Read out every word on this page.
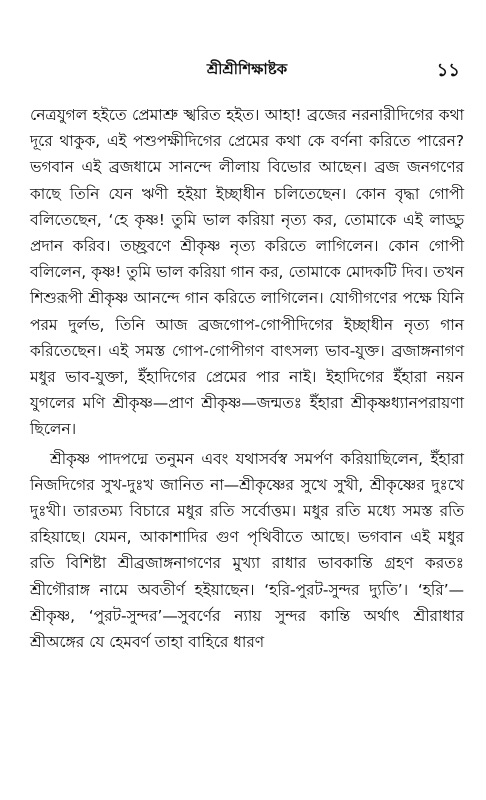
শ্রীশ্রীশিক্ষাষ্টক	১১

নেত্রযুগল হইতে প্রেমাশ্রু স্খরিত হইত। আহা! ব্রজের নরনারীদিগের কথা দূরে থাকুক, এই পশুপক্ষীদিগের প্রেমের কথা কে বর্ণনা করিতে পারেন? ভগবান এই ব্রজধামে সানন্দে লীলায় বিভোর আছেন। ব্রজ জনগণের কাছে তিনি যেন ঋণী হইয়া ইচ্ছাধীন চলিতেছেন। কোন বৃদ্ধা গোপী বলিতেছেন, ‘হে কৃষ্ণ! তুমি ভাল করিয়া নৃত্য কর, তোমাকে এই লাড্ডু প্রদান করিব। তচ্ছ্রবণে শ্রীকৃষ্ণ নৃত্য করিতে লাগিলেন। কোন গোপী বলিলেন, কৃষ্ণ! তুমি ভাল করিয়া গান কর, তোমাকে মোদকটি দিব। তখন শিশুরূপী শ্রীকৃষ্ণ আনন্দে গান করিতে লাগিলেন। যোগীগণের পক্ষে যিনি পরম দুর্লভ, তিনি আজ ব্রজগোপ-গোপীদিগের ইচ্ছাধীন নৃত্য গান করিতেছেন। এই সমস্ত গোপ-গোপীগণ বাৎসল্য ভাব-যুক্ত। ব্রজাঙ্গনাগণ মধুর ভাব-যুক্তা, ইঁহাদিগের প্রেমের পার নাই। ইহাদিগের ইঁহারা নয়ন যুগলের মণি শ্রীকৃষ্ণ—প্রাণ শ্রীকৃষ্ণ—জন্মতঃ ইঁহারা শ্রীকৃষ্ণধ্যানপরায়ণা ছিলেন।

শ্রীকৃষ্ণ পাদপদ্মে তনুমন এবং যথাসর্বস্ব সমর্পণ করিয়াছিলেন, ইঁহারা নিজদিগের সুখ-দুঃখ জানিত না—শ্রীকৃষ্ণের সুখে সুখী, শ্রীকৃষ্ণের দুঃখে দুঃখী। তারতম্য বিচারে মধুর রতি সর্বোত্তম। মধুর রতি মধ্যে সমস্ত রতি রহিয়াছে। যেমন, আকাশাদির গুণ পৃথিবীতে আছে। ভগবান এই মধুর রতি বিশিষ্টা শ্রীব্রজাঙ্গনাগণের মুখ্যা রাধার ভাবকান্তি গ্রহণ করতঃ শ্রীগৌরাঙ্গ নামে অবতীর্ণ হইয়াছেন। ‘হরি-পুরট-সুন্দর দ্যুতি’। ‘হরি’—শ্রীকৃষ্ণ, ‘পুরট-সুন্দর’—সুবর্ণের ন্যায় সুন্দর কান্তি অর্থাৎ শ্রীরাধার শ্রীঅঙ্গের যে হেমবর্ণ তাহা বাহিরে ধারণ
